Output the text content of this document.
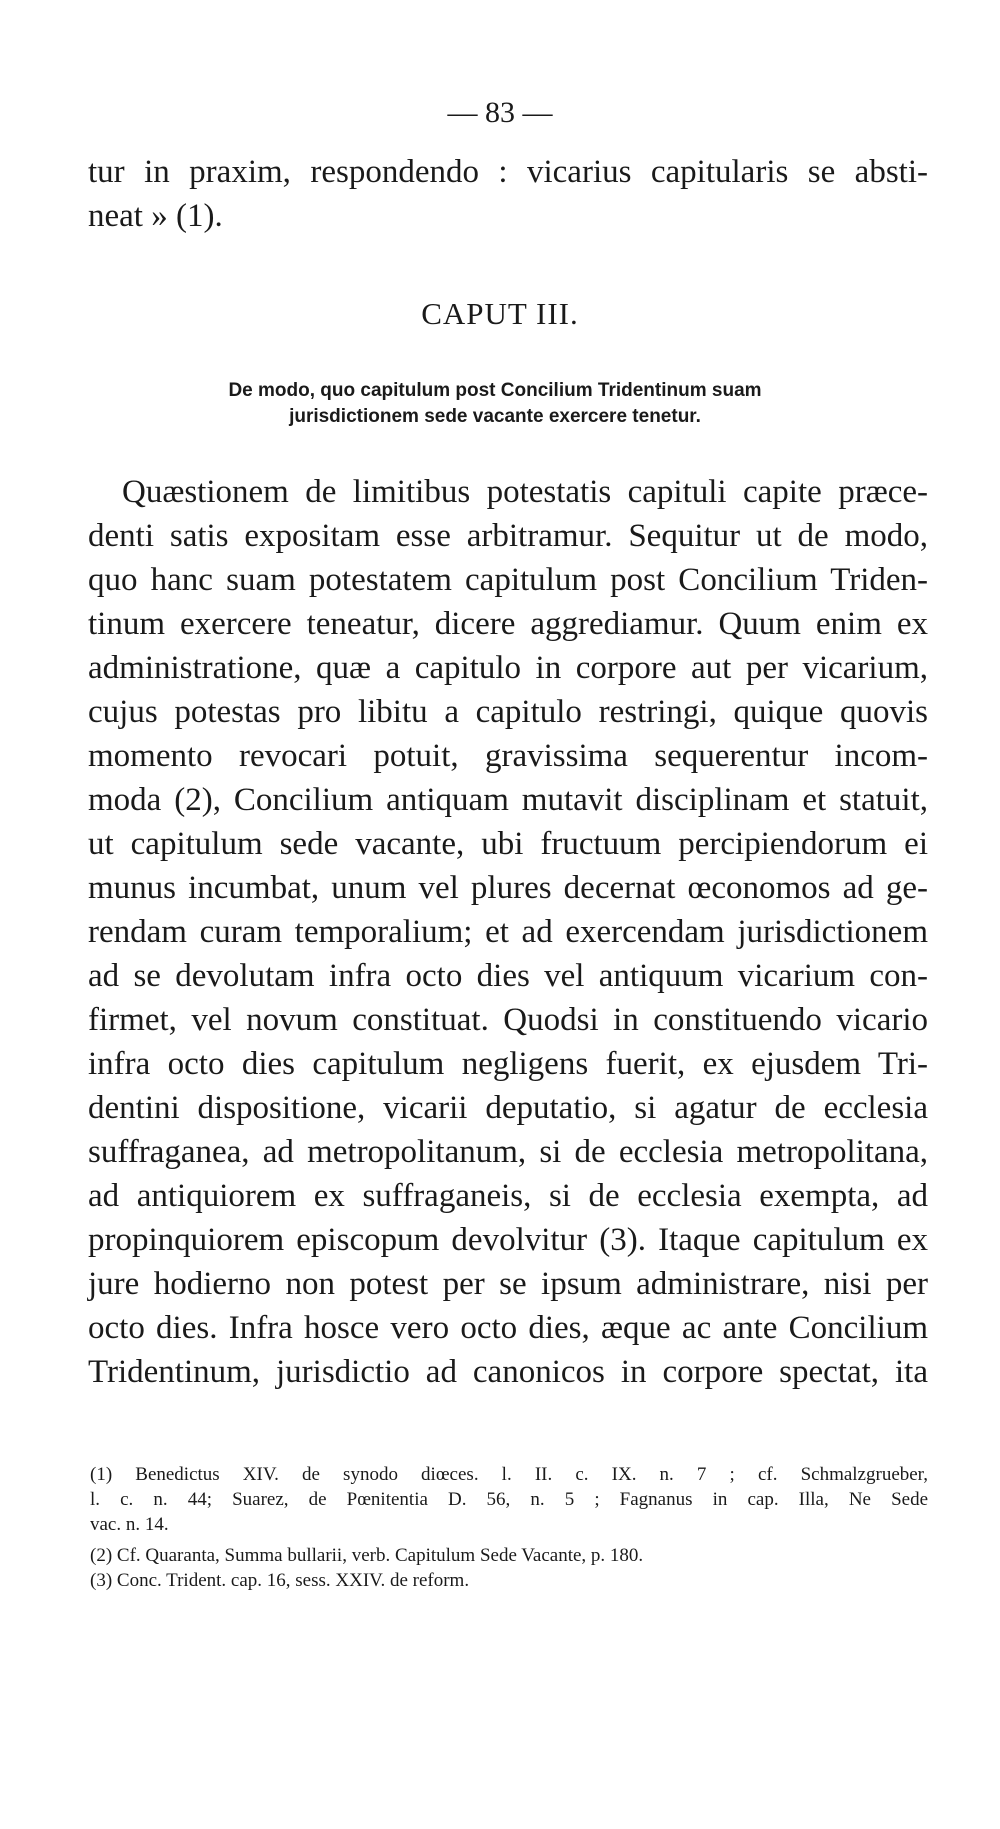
— 83 —
tur in praxim, respondendo : vicarius capitularis se absti-
neat » (1).
CAPUT III.
De modo, quo capitulum post Concilium Tridentinum suam
jurisdictionem sede vacante exercere tenetur.
Quæstionem de limitibus potestatis capituli capite præce-
denti satis expositam esse arbitramur. Sequitur ut de modo,
quo hanc suam potestatem capitulum post Concilium Triden-
tinum exercere teneatur, dicere aggrediamur. Quum enim ex
administratione, quæ a capitulo in corpore aut per vicarium,
cujus potestas pro libitu a capitulo restringi, quique quovis
momento revocari potuit, gravissima sequerentur incom-
moda (2), Concilium antiquam mutavit disciplinam et statuit,
ut capitulum sede vacante, ubi fructuum percipiendorum ei
munus incumbat, unum vel plures decernat œconomos ad ge-
rendam curam temporalium; et ad exercendam jurisdictionem
ad se devolutam infra octo dies vel antiquum vicarium con-
firmet, vel novum constituat. Quodsi in constituendo vicario
infra octo dies capitulum negligens fuerit, ex ejusdem Tri-
dentini dispositione, vicarii deputatio, si agatur de ecclesia
suffraganea, ad metropolitanum, si de ecclesia metropolitana,
ad antiquiorem ex suffraganeis, si de ecclesia exempta, ad
propinquiorem episcopum devolvitur (3). Itaque capitulum ex
jure hodierno non potest per se ipsum administrare, nisi per
octo dies. Infra hosce vero octo dies, æque ac ante Concilium
Tridentinum, jurisdictio ad canonicos in corpore spectat, ita
(1) Benedictus XIV. de synodo diœces. l. II. c. IX. n. 7 ; cf. Schmalzgrueber,
l. c. n. 44; Suarez, de Pœnitentia D. 56, n. 5 ; Fagnanus in cap. Illa, Ne Sede
vac. n. 14.
(2) Cf. Quaranta, Summa bullarii, verb. Capitulum Sede Vacante, p. 180.
(3) Conc. Trident. cap. 16, sess. XXIV. de reform.
